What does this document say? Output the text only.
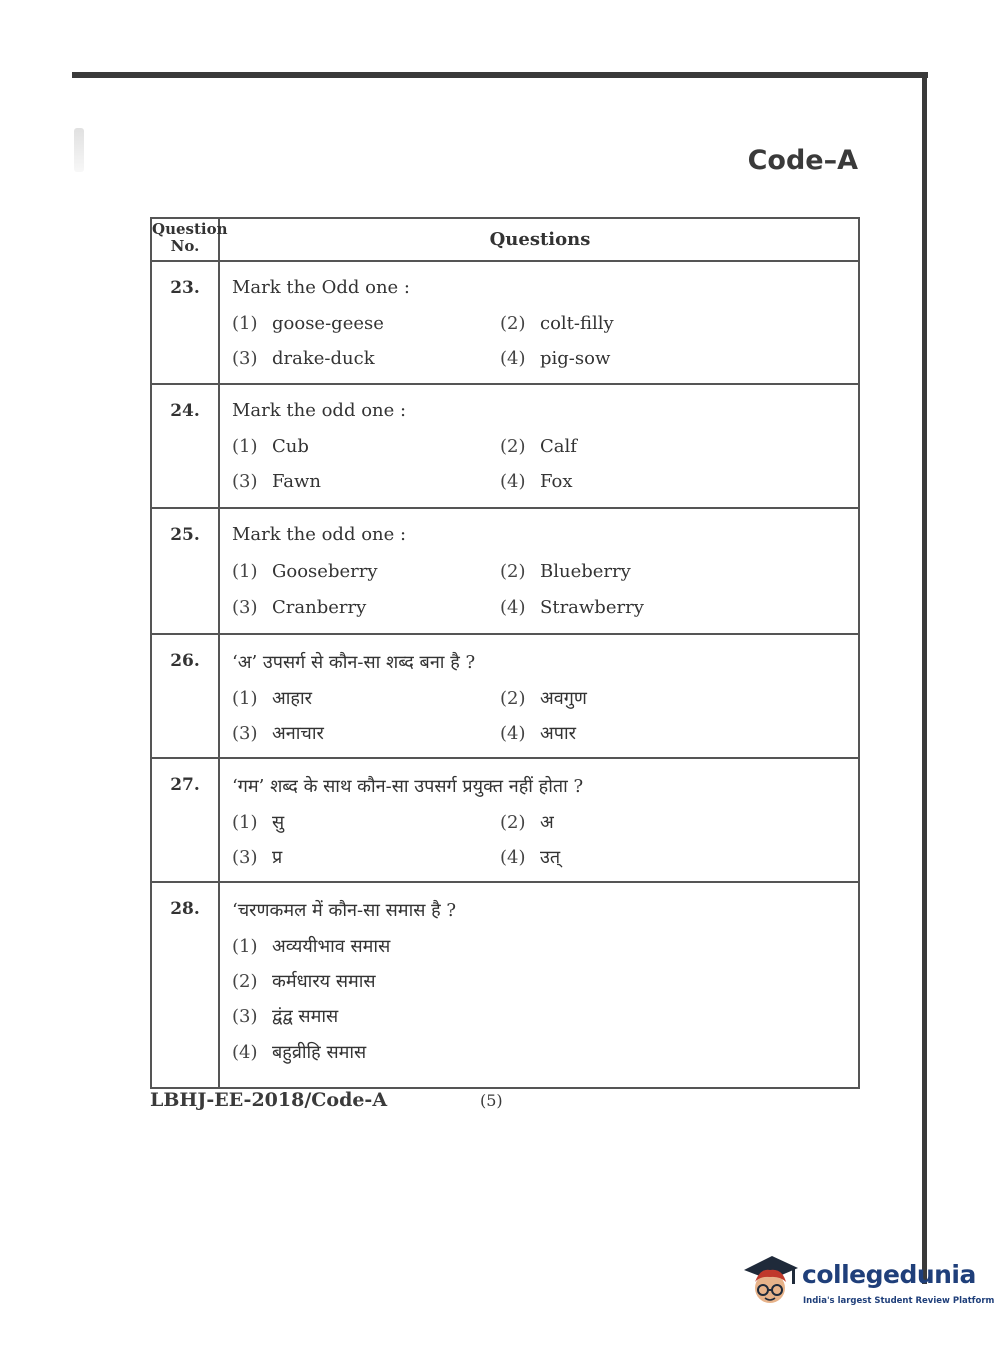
Code–A
Question No.	Questions
23.	Mark the Odd one :
(1) goose-geese	(2) colt-filly
(3) drake-duck	(4) pig-sow
24.	Mark the odd one :
(1) Cub	(2) Calf
(3) Fawn	(4) Fox
25.	Mark the odd one :
(1) Gooseberry	(2) Blueberry
(3) Cranberry	(4) Strawberry
26.	‘अ’ उपसर्ग से कौन-सा शब्द बना है ?
(1) आहार	(2) अवगुण
(3) अनाचार	(4) अपार
27.	‘गम’ शब्द के साथ कौन-सा उपसर्ग प्रयुक्त नहीं होता ?
(1) सु	(2) अ
(3) प्र	(4) उत्
28.	‘चरणकमल में कौन-सा समास है ?
(1) अव्ययीभाव समास
(2) कर्मधारय समास
(3) द्वंद्व समास
(4) बहुव्रीहि समास
LBHJ-EE-2018/Code-A	(5)
collegedunia
India's largest Student Review Platform
